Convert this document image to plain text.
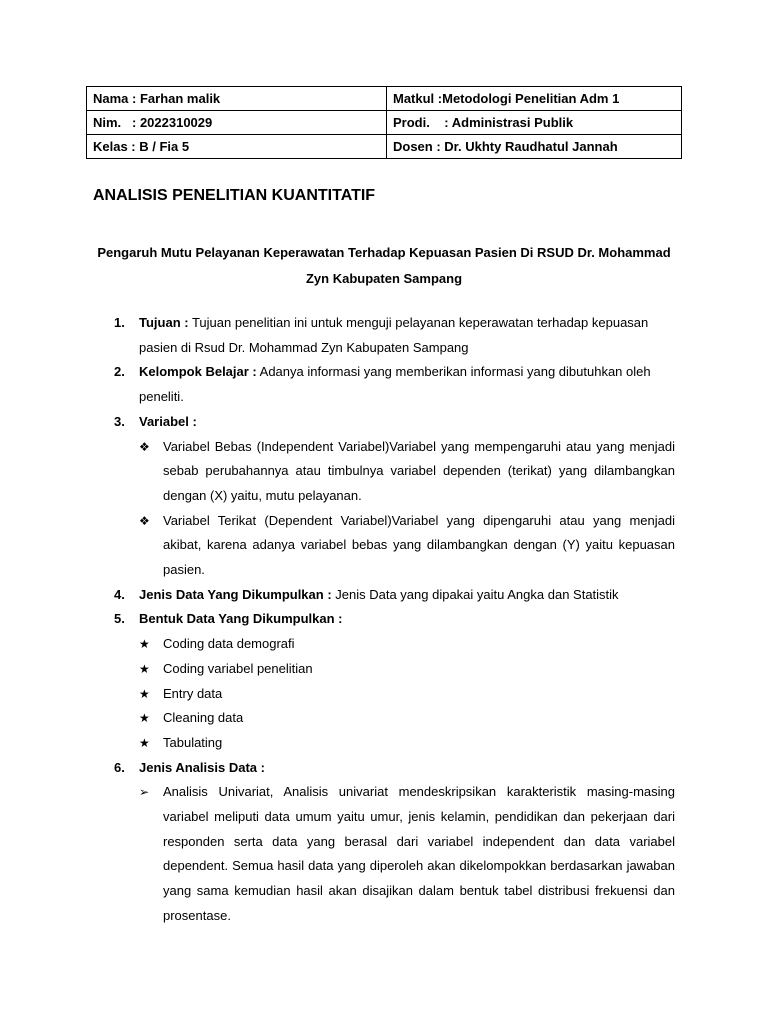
Nama : Farhan malik	Matkul :Metodologi Penelitian Adm 1
Nim.   : 2022310029	Prodi.    : Administrasi Publik
Kelas : B / Fia 5	Dosen : Dr. Ukhty Raudhatul Jannah
ANALISIS PENELITIAN KUANTITATIF

Pengaruh Mutu Pelayanan Keperawatan Terhadap Kepuasan Pasien Di RSUD Dr. Mohammad Zyn Kabupaten Sampang

1. Tujuan : Tujuan penelitian ini untuk menguji pelayanan keperawatan terhadap kepuasan pasien di Rsud Dr. Mohammad Zyn Kabupaten Sampang
2. Kelompok Belajar : Adanya informasi yang memberikan informasi yang dibutuhkan oleh peneliti.
3. Variabel :
❖	Variabel Bebas (Independent Variabel)Variabel yang mempengaruhi atau yang menjadi sebab perubahannya atau timbulnya variabel dependen (terikat) yang dilambangkan dengan (X) yaitu, mutu pelayanan.
❖	Variabel Terikat (Dependent Variabel)Variabel yang dipengaruhi atau yang menjadi akibat, karena adanya variabel bebas yang dilambangkan dengan (Y) yaitu kepuasan pasien.
4. Jenis Data Yang Dikumpulkan : Jenis Data yang dipakai yaitu Angka dan Statistik
5. Bentuk Data Yang Dikumpulkan :
★	Coding data demografi
★	Coding variabel penelitian
★	Entry data
★	Cleaning data
★	Tabulating
6. Jenis Analisis Data :
➢	Analisis Univariat, Analisis univariat mendeskripsikan karakteristik masing-masing variabel meliputi data umum yaitu umur, jenis kelamin, pendidikan dan pekerjaan dari responden serta data yang berasal dari variabel independent dan data variabel dependent. Semua hasil data yang diperoleh akan dikelompokkan berdasarkan jawaban yang sama kemudian hasil akan disajikan dalam bentuk tabel distribusi frekuensi dan prosentase.
